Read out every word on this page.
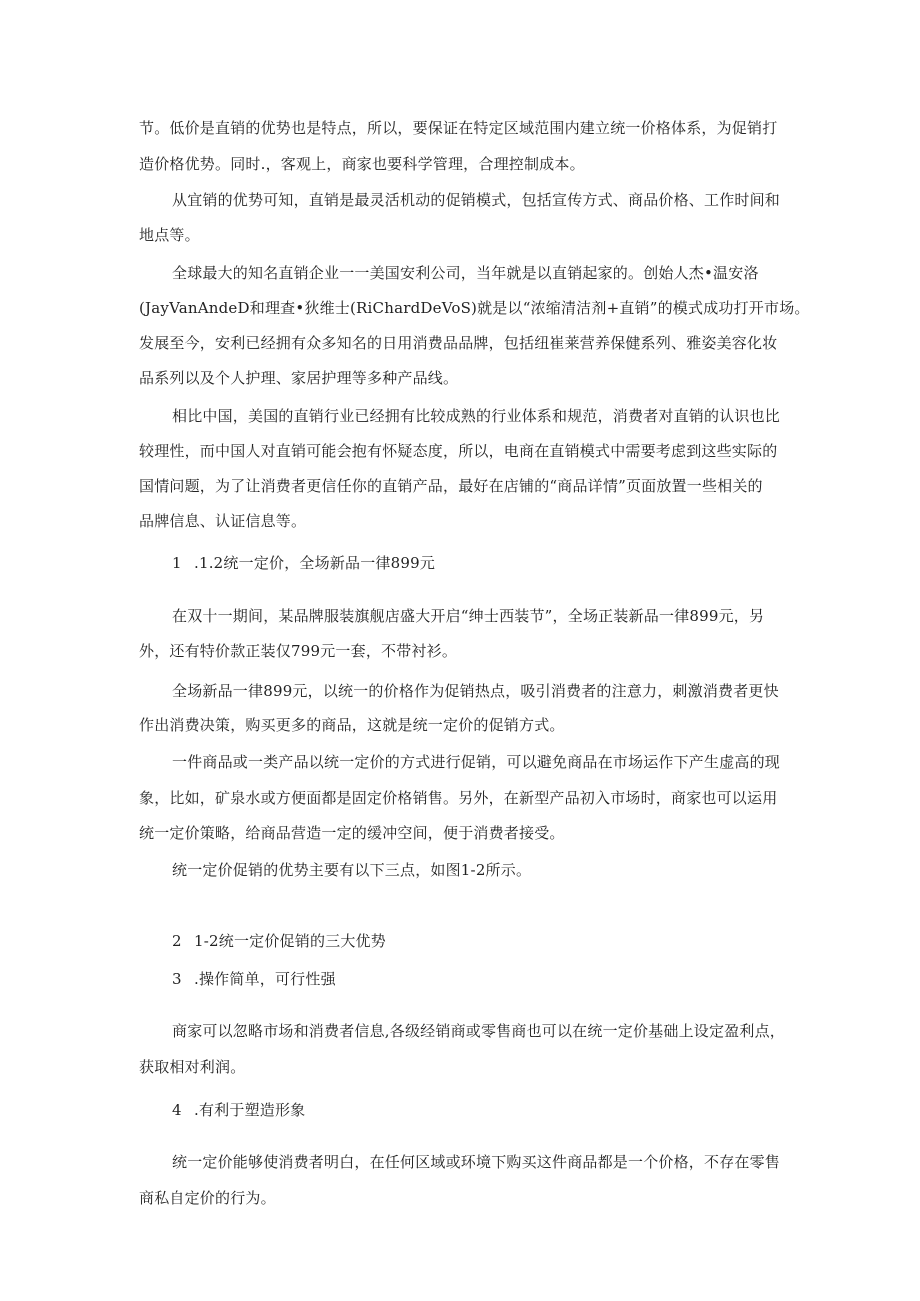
节。低价是直销的优势也是特点，所以，要保证在特定区域范围内建立统一价格体系，为促销打
造价格优势。同时.，客观上，商家也要科学管理，合理控制成本。
从宜销的优势可知，直销是最灵活机动的促销模式，包括宣传方式、商品价格、工作时间和
地点等。
全球最大的知名直销企业一一美国安利公司，当年就是以直销起家的。创始人杰•温安洛
(JayVanAndeD和理查•狄维士(RiChardDeVoS)就是以“浓缩清洁剂+直销”的模式成功打开市场。
发展至今，安利已经拥有众多知名的日用消费品品牌，包括纽崔莱营养保健系列、雅姿美容化妆
品系列以及个人护理、家居护理等多种产品线。
相比中国，美国的直销行业已经拥有比较成熟的行业体系和规范，消费者对直销的认识也比
较理性，而中国人对直销可能会抱有怀疑态度，所以，电商在直销模式中需要考虑到这些实际的
国情问题，为了让消费者更信任你的直销产品，最好在店铺的“商品详情”页面放置一些相关的
品牌信息、认证信息等。
1 .1.2统一定价，全场新品一律899元
在双十一期间，某品牌服装旗舰店盛大开启“绅士西装节”，全场正装新品一律899元，另
外，还有特价款正装仅799元一套，不带衬衫。
全场新品一律899元，以统一的价格作为促销热点，吸引消费者的注意力，刺激消费者更快
作出消费决策，购买更多的商品，这就是统一定价的促销方式。
一件商品或一类产品以统一定价的方式进行促销，可以避免商品在市场运作下产生虚高的现
象，比如，矿泉水或方便面都是固定价格销售。另外，在新型产品初入市场时，商家也可以运用
统一定价策略，给商品营造一定的缓冲空间，便于消费者接受。
统一定价促销的优势主要有以下三点，如图1-2所示。
2 1-2统一定价促销的三大优势
3 .操作简单，可行性强
商家可以忽略市场和消费者信息,各级经销商或零售商也可以在统一定价基础上设定盈利点，
获取相对利润。
4 .有利于塑造形象
统一定价能够使消费者明白，在任何区域或环境下购买这件商品都是一个价格，不存在零售
商私自定价的行为。
